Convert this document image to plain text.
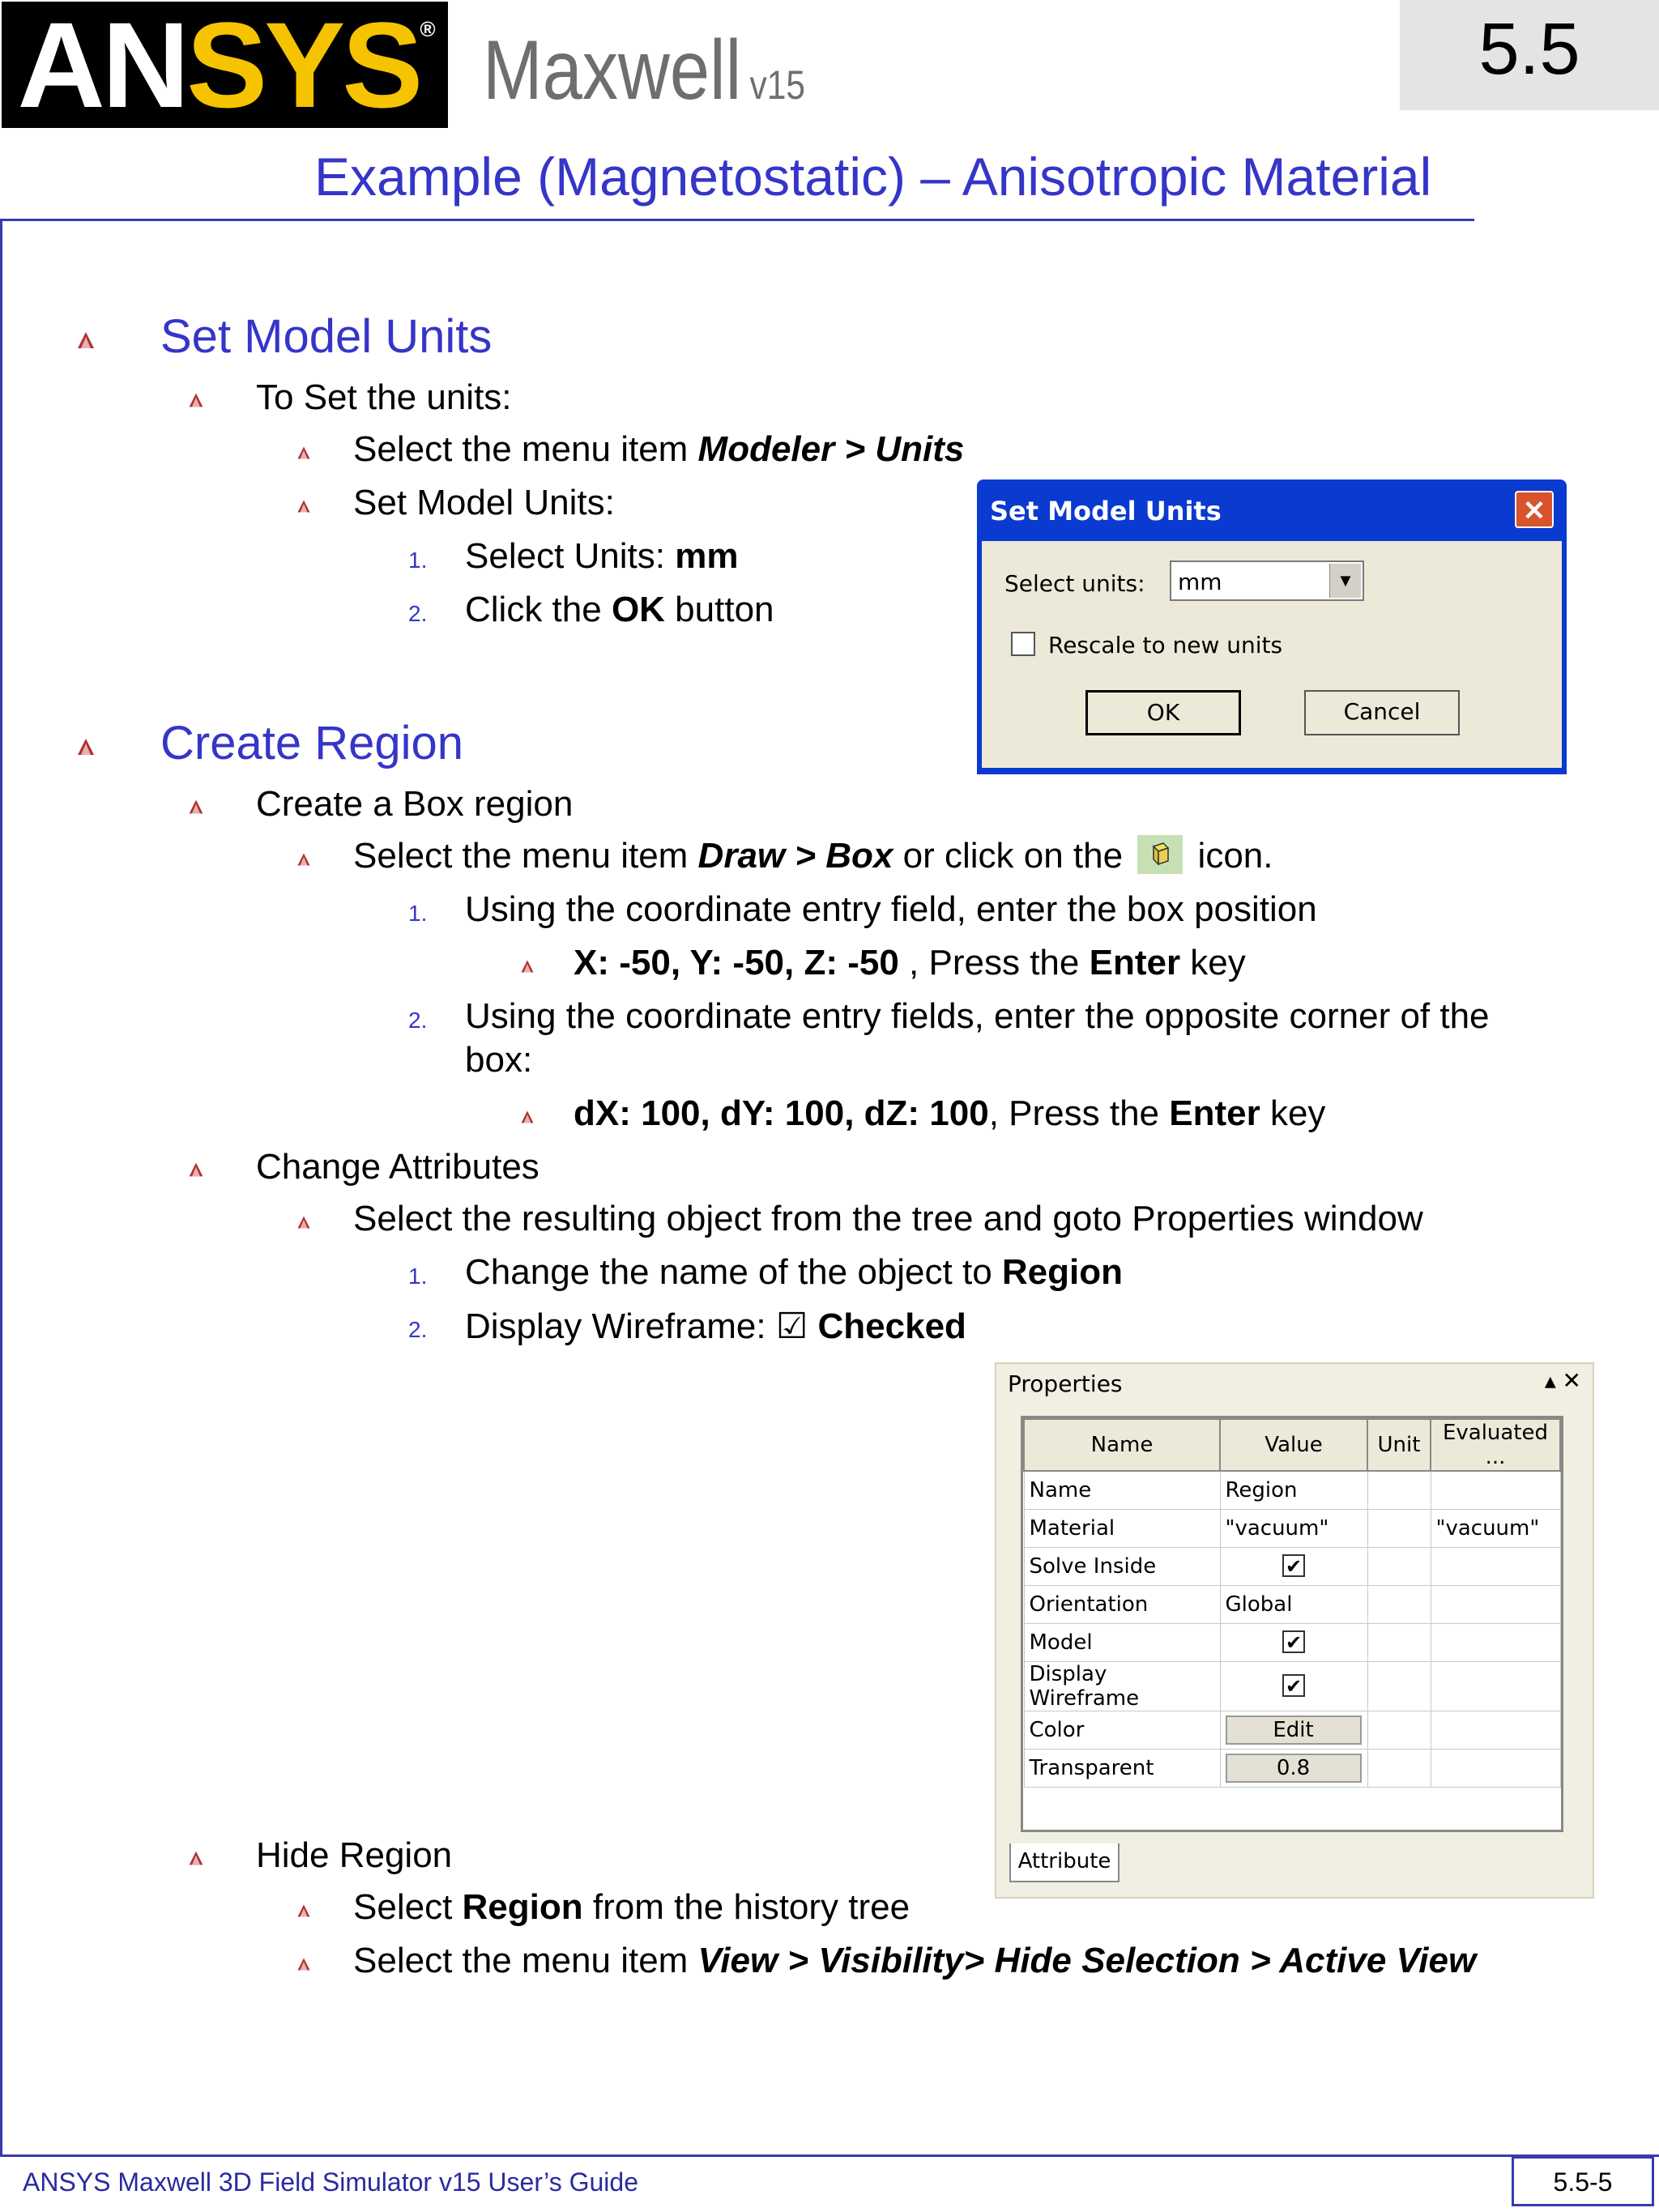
ANSYS® Maxwell v15	5.5
Example (Magnetostatic) – Anisotropic Material
Set Model Units
To Set the units:
Select the menu item Modeler > Units
Set Model Units:
1. Select Units: mm
2. Click the OK button
Set Model Units	✕
Select units: mm	▼
Rescale to new units
OK	Cancel
Create Region
Create a Box region
Select the menu item Draw > Box or click on the  icon.
1. Using the coordinate entry field, enter the box position
X: -50, Y: -50, Z: -50 , Press the Enter key
2. Using the coordinate entry fields, enter the opposite corner of the
box:
dX: 100, dY: 100, dZ: 100, Press the Enter key
Change Attributes
Select the resulting object from the tree and goto Properties window
1. Change the name of the object to Region
2. Display Wireframe: ☑ Checked
Properties	▴ ✕
Name	Value	Unit	Evaluated ...
Name	Region		
Material	"vacuum"		"vacuum"
Solve Inside	✔		
Orientation	Global		
Model	✔		
Display Wireframe	✔		
Color	Edit		
Transparent	0.8		
Attribute
Hide Region
Select Region from the history tree
Select the menu item View > Visibility> Hide Selection > Active View
ANSYS Maxwell 3D Field Simulator v15 User’s Guide	5.5-5
